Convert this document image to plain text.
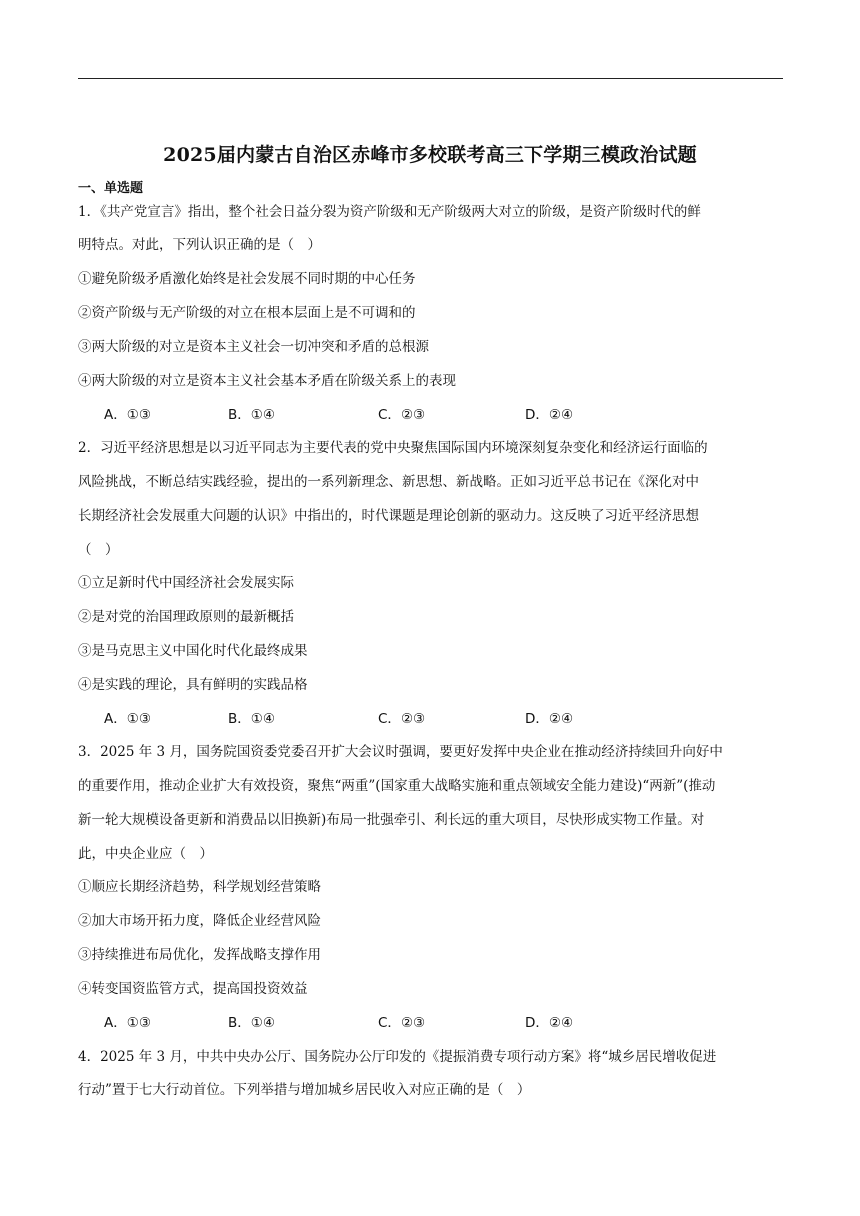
2025届内蒙古自治区赤峰市多校联考高三下学期三模政治试题
一、单选题
1．《共产党宣言》指出，整个社会日益分裂为资产阶级和无产阶级两大对立的阶级，是资产阶级时代的鲜
明特点。对此，下列认识正确的是（　）
①避免阶级矛盾激化始终是社会发展不同时期的中心任务
②资产阶级与无产阶级的对立在根本层面上是不可调和的
③两大阶级的对立是资本主义社会一切冲突和矛盾的总根源
④两大阶级的对立是资本主义社会基本矛盾在阶级关系上的表现
A．①③	B．①④	C．②③	D．②④
2．习近平经济思想是以习近平同志为主要代表的党中央聚焦国际国内环境深刻复杂变化和经济运行面临的
风险挑战，不断总结实践经验，提出的一系列新理念、新思想、新战略。正如习近平总书记在《深化对中
长期经济社会发展重大问题的认识》中指出的，时代课题是理论创新的驱动力。这反映了习近平经济思想
（　）
①立足新时代中国经济社会发展实际
②是对党的治国理政原则的最新概括
③是马克思主义中国化时代化最终成果
④是实践的理论，具有鲜明的实践品格
A．①③	B．①④	C．②③	D．②④
3．2025 年 3 月，国务院国资委党委召开扩大会议时强调，要更好发挥中央企业在推动经济持续回升向好中
的重要作用，推动企业扩大有效投资，聚焦“两重”(国家重大战略实施和重点领域安全能力建设)“两新”(推动
新一轮大规模设备更新和消费品以旧换新)布局一批强牵引、利长远的重大项目，尽快形成实物工作量。对
此，中央企业应（　）
①顺应长期经济趋势，科学规划经营策略
②加大市场开拓力度，降低企业经营风险
③持续推进布局优化，发挥战略支撑作用
④转变国资监管方式，提高国投资效益
A．①③	B．①④	C．②③	D．②④
4．2025 年 3 月，中共中央办公厅、国务院办公厅印发的《提振消费专项行动方案》将“城乡居民增收促进
行动”置于七大行动首位。下列举措与增加城乡居民收入对应正确的是（　）
